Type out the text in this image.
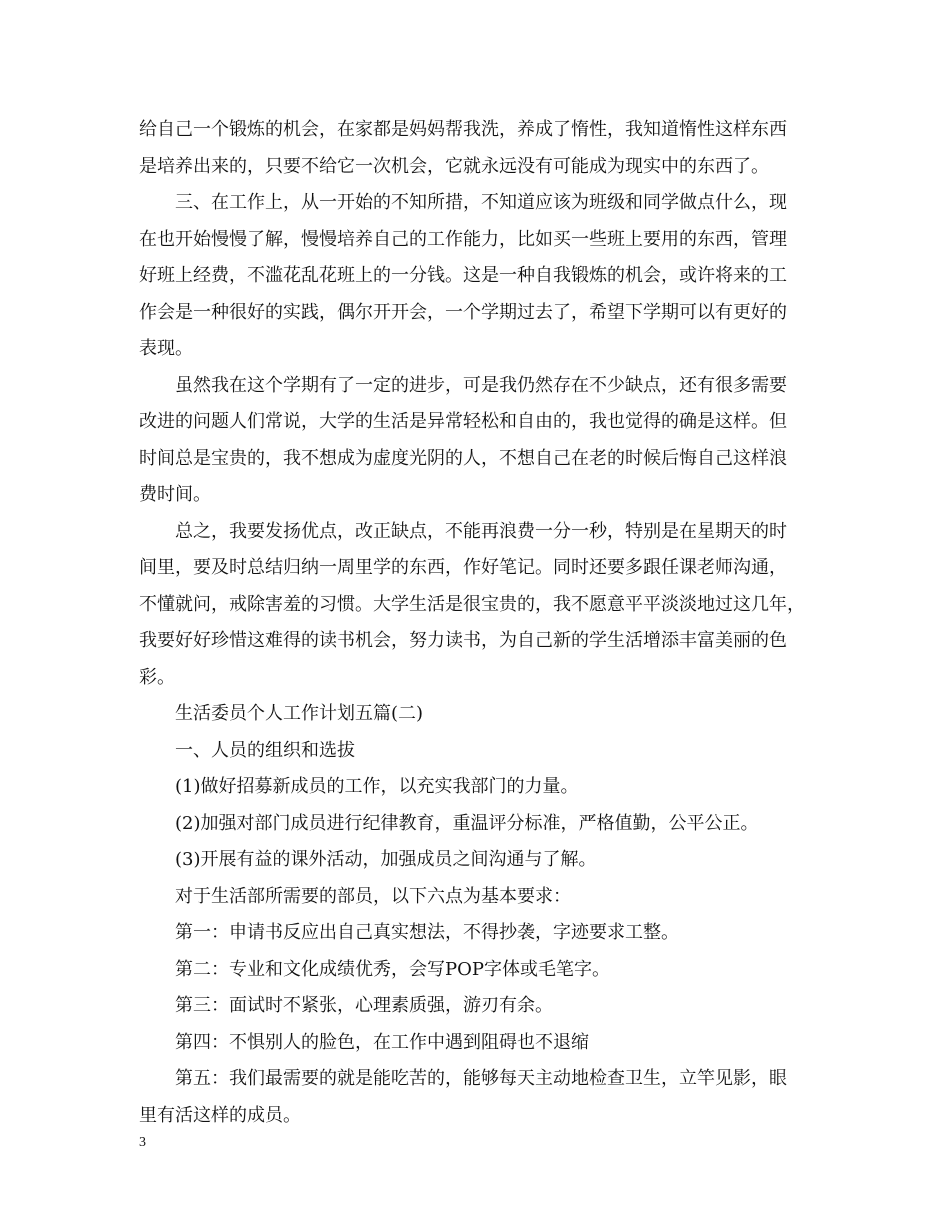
给自己一个锻炼的机会，在家都是妈妈帮我洗，养成了惰性，我知道惰性这样东西
是培养出来的，只要不给它一次机会，它就永远没有可能成为现实中的东西了。
三、在工作上，从一开始的不知所措，不知道应该为班级和同学做点什么，现
在也开始慢慢了解，慢慢培养自己的工作能力，比如买一些班上要用的东西，管理
好班上经费，不滥花乱花班上的一分钱。这是一种自我锻炼的机会，或许将来的工
作会是一种很好的实践，偶尔开开会，一个学期过去了，希望下学期可以有更好的
表现。
虽然我在这个学期有了一定的进步，可是我仍然存在不少缺点，还有很多需要
改进的问题人们常说，大学的生活是异常轻松和自由的，我也觉得的确是这样。但
时间总是宝贵的，我不想成为虚度光阴的人，不想自己在老的时候后悔自己这样浪
费时间。
总之，我要发扬优点，改正缺点，不能再浪费一分一秒，特别是在星期天的时
间里，要及时总结归纳一周里学的东西，作好笔记。同时还要多跟任课老师沟通，
不懂就问，戒除害羞的习惯。大学生活是很宝贵的，我不愿意平平淡淡地过这几年，
我要好好珍惜这难得的读书机会，努力读书，为自己新的学生活增添丰富美丽的色
彩。
生活委员个人工作计划五篇(二)
一、人员的组织和选拔
(1)做好招募新成员的工作，以充实我部门的力量。
(2)加强对部门成员进行纪律教育，重温评分标准，严格值勤，公平公正。
(3)开展有益的课外活动，加强成员之间沟通与了解。
对于生活部所需要的部员，以下六点为基本要求：
第一：申请书反应出自己真实想法，不得抄袭，字迹要求工整。
第二：专业和文化成绩优秀，会写POP字体或毛笔字。
第三：面试时不紧张，心理素质强，游刃有余。
第四：不惧别人的脸色，在工作中遇到阻碍也不退缩
第五：我们最需要的就是能吃苦的，能够每天主动地检查卫生，立竿见影，眼
里有活这样的成员。
3
